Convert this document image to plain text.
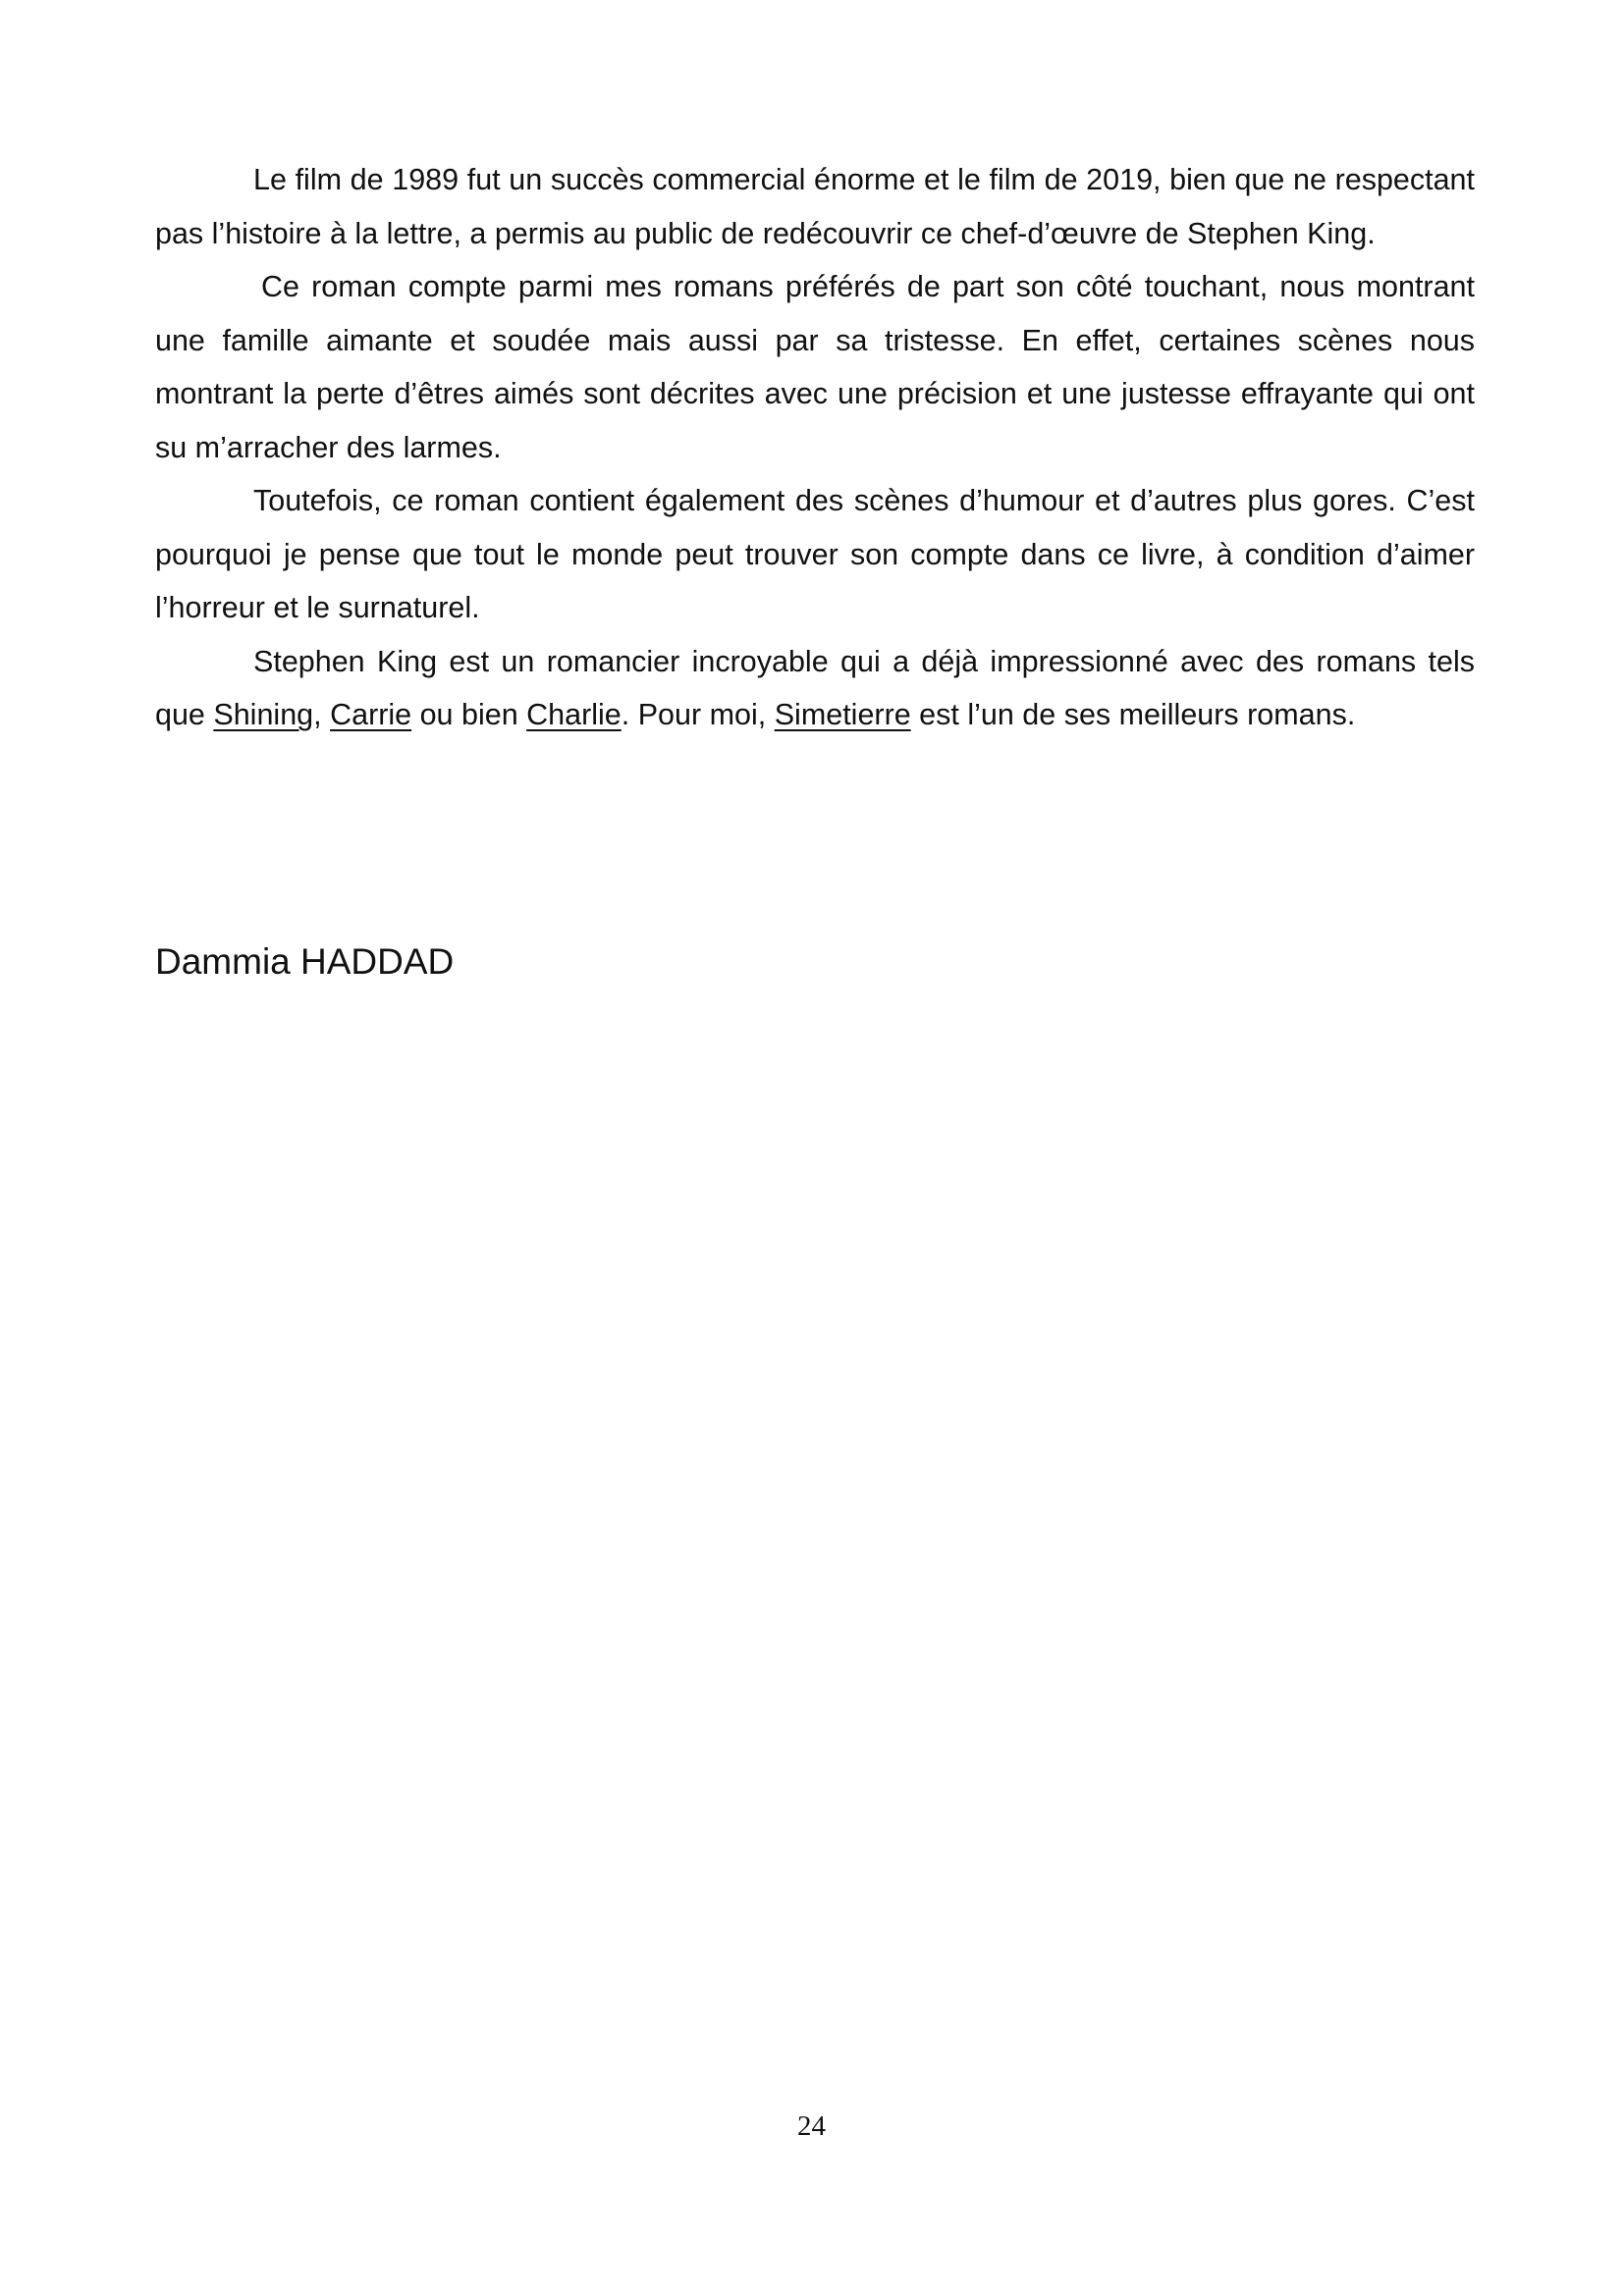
Le film de 1989 fut un succès commercial énorme et le film de 2019, bien que ne respectant pas l’histoire à la lettre, a permis au public de redécouvrir ce chef-d’œuvre de Stephen King.

Ce roman compte parmi mes romans préférés de part son côté touchant, nous montrant une famille aimante et soudée mais aussi par sa tristesse. En effet, certaines scènes nous montrant la perte d’êtres aimés sont décrites avec une précision et une justesse effrayante qui ont su m’arracher des larmes.

Toutefois, ce roman contient également des scènes d’humour et d’autres plus gores. C’est pourquoi je pense que tout le monde peut trouver son compte dans ce livre, à condition d’aimer l’horreur et le surnaturel.

Stephen King est un romancier incroyable qui a déjà impressionné avec des romans tels que Shining, Carrie ou bien Charlie. Pour moi, Simetierre est l’un de ses meilleurs romans.

Dammia HADDAD
24
